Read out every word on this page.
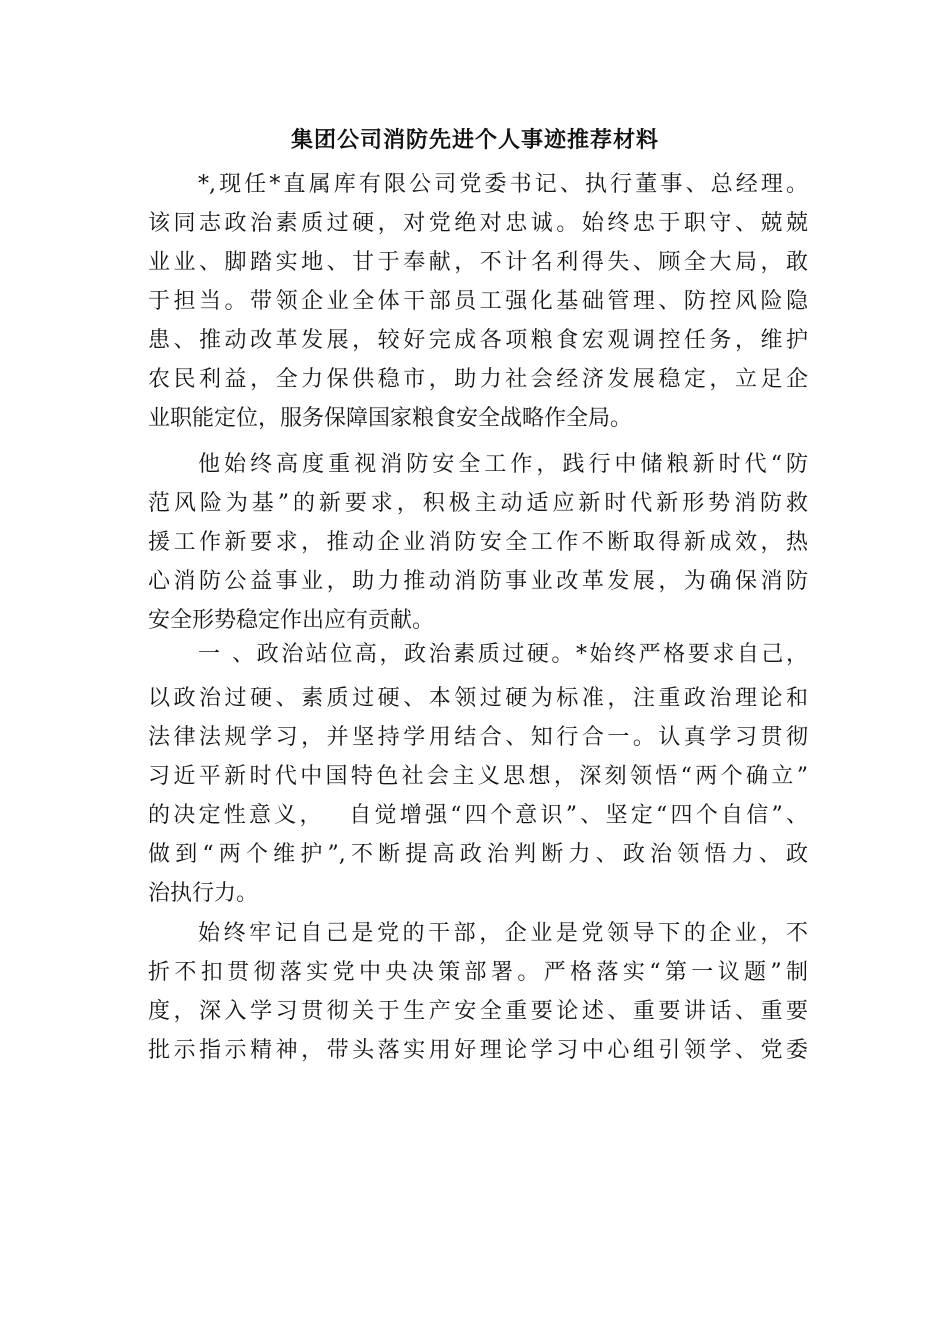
集团公司消防先进个人事迹推荐材料
*,现任*直属库有限公司党委书记、执行董事、总经理。
该同志政治素质过硬，对党绝对忠诚。始终忠于职守、兢兢
业业、脚踏实地、甘于奉献，不计名利得失、顾全大局，敢
于担当。带领企业全体干部员工强化基础管理、防控风险隐
患、推动改革发展，较好完成各项粮食宏观调控任务，维护
农民利益，全力保供稳市，助力社会经济发展稳定，立足企
业职能定位，服务保障国家粮食安全战略作全局。
他始终高度重视消防安全工作，践行中储粮新时代“防
范风险为基”的新要求，积极主动适应新时代新形势消防救
援工作新要求，推动企业消防安全工作不断取得新成效，热
心消防公益事业，助力推动消防事业改革发展，为确保消防
安全形势稳定作出应有贡献。
一 、政治站位高，政治素质过硬。*始终严格要求自己，
以政治过硬、素质过硬、本领过硬为标准，注重政治理论和
法律法规学习，并坚持学用结合、知行合一。认真学习贯彻
习近平新时代中国特色社会主义思想，深刻领悟“两个确立”
的决定性意义，　 自觉增强“四个意识”、坚定“四个自信”、
做到“两个维护”,不断提高政治判断力、政治领悟力、政
治执行力。
始终牢记自己是党的干部，企业是党领导下的企业，不
折不扣贯彻落实党中央决策部署。严格落实“第一议题”制
度，深入学习贯彻关于生产安全重要论述、重要讲话、重要
批示指示精神，带头落实用好理论学习中心组引领学、党委
